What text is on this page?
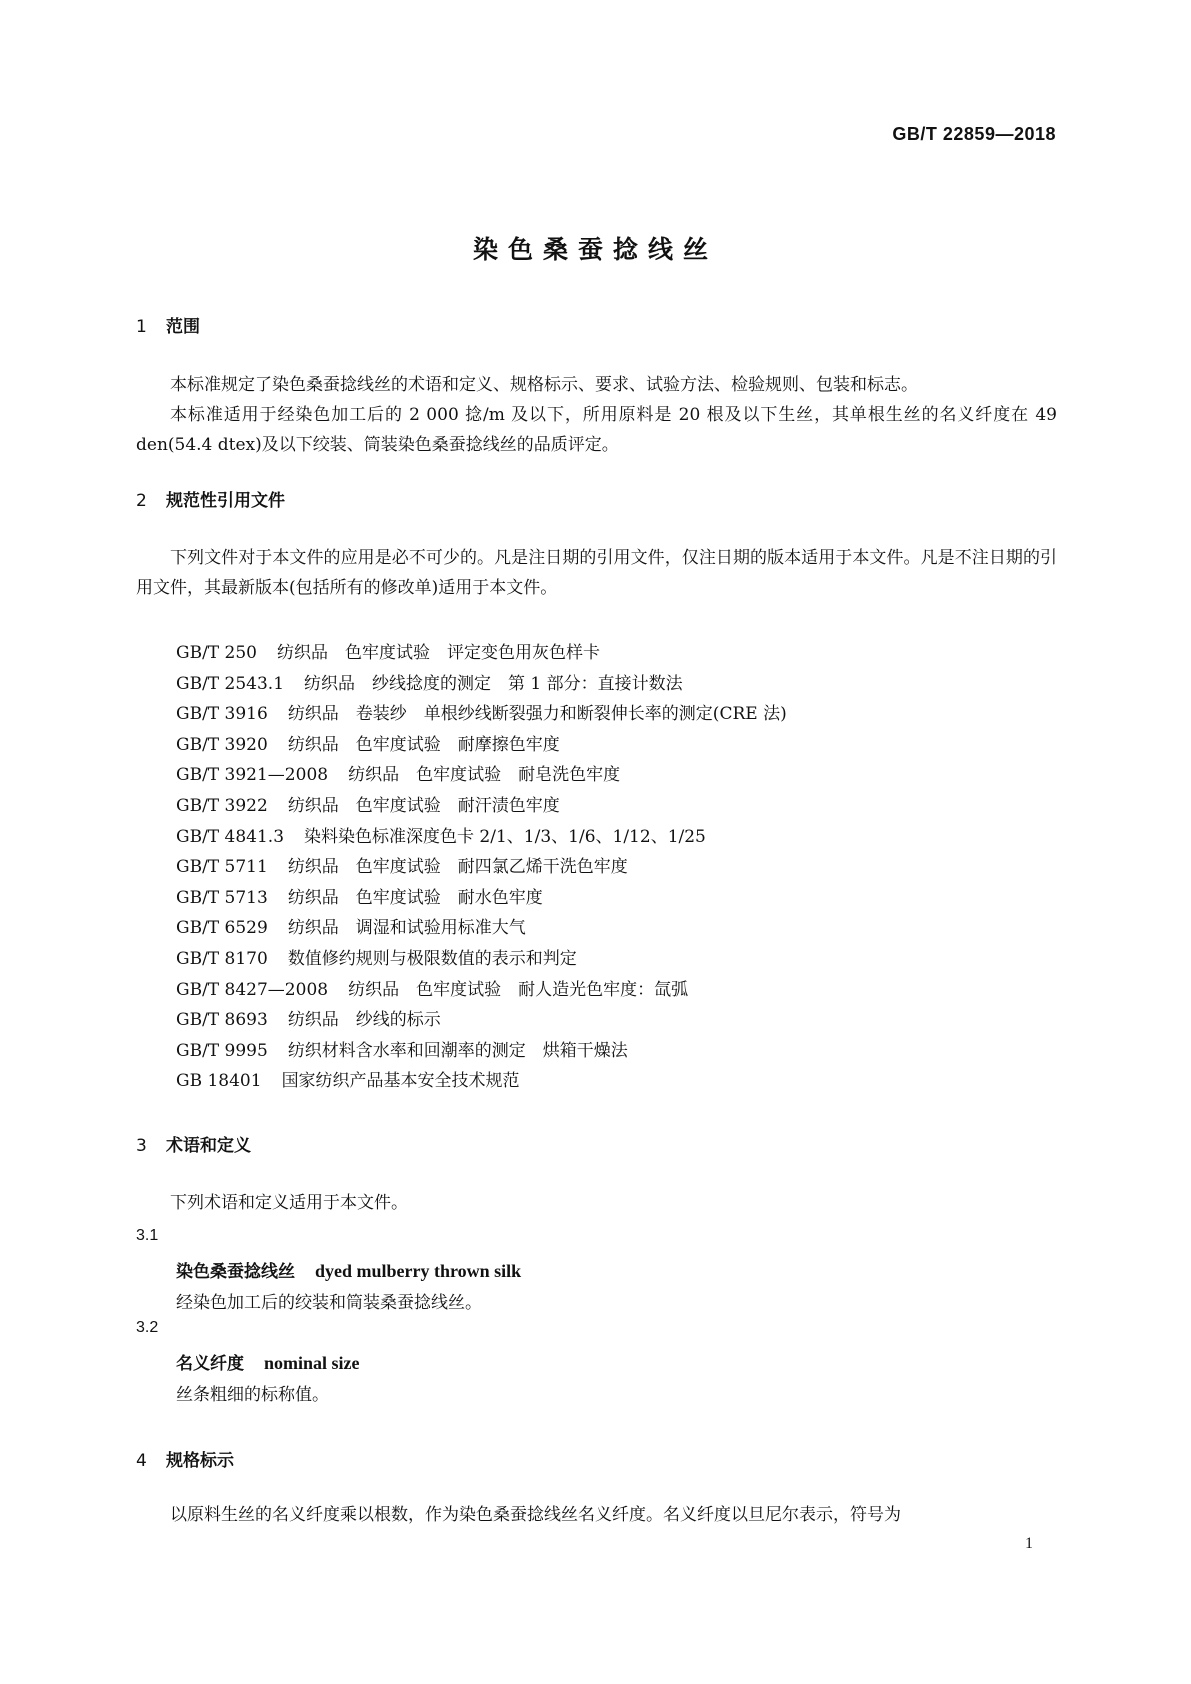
GB/T 22859—2018
染色桑蚕捻线丝
1 范围
本标准规定了染色桑蚕捻线丝的术语和定义、规格标示、要求、试验方法、检验规则、包装和标志。
本标准适用于经染色加工后的 2 000 捻/m 及以下，所用原料是 20 根及以下生丝，其单根生丝的名义纤度在 49 den(54.4 dtex)及以下绞装、筒装染色桑蚕捻线丝的品质评定。
2 规范性引用文件
下列文件对于本文件的应用是必不可少的。凡是注日期的引用文件，仅注日期的版本适用于本文件。凡是不注日期的引用文件，其最新版本(包括所有的修改单)适用于本文件。
GB/T 250 纺织品　色牢度试验　评定变色用灰色样卡
GB/T 2543.1 纺织品　纱线捻度的测定　第 1 部分：直接计数法
GB/T 3916 纺织品　卷装纱　单根纱线断裂强力和断裂伸长率的测定(CRE 法)
GB/T 3920 纺织品　色牢度试验　耐摩擦色牢度
GB/T 3921—2008 纺织品　色牢度试验　耐皂洗色牢度
GB/T 3922 纺织品　色牢度试验　耐汗渍色牢度
GB/T 4841.3 染料染色标准深度色卡 2/1、1/3、1/6、1/12、1/25
GB/T 5711 纺织品　色牢度试验　耐四氯乙烯干洗色牢度
GB/T 5713 纺织品　色牢度试验　耐水色牢度
GB/T 6529 纺织品　调湿和试验用标准大气
GB/T 8170 数值修约规则与极限数值的表示和判定
GB/T 8427—2008 纺织品　色牢度试验　耐人造光色牢度：氙弧
GB/T 8693 纺织品　纱线的标示
GB/T 9995 纺织材料含水率和回潮率的测定　烘箱干燥法
GB 18401 国家纺织产品基本安全技术规范
3 术语和定义
下列术语和定义适用于本文件。
3.1
染色桑蚕捻线丝 dyed mulberry thrown silk
经染色加工后的绞装和筒装桑蚕捻线丝。
3.2
名义纤度 nominal size
丝条粗细的标称值。
4 规格标示
以原料生丝的名义纤度乘以根数，作为染色桑蚕捻线丝名义纤度。名义纤度以旦尼尔表示，符号为
1
